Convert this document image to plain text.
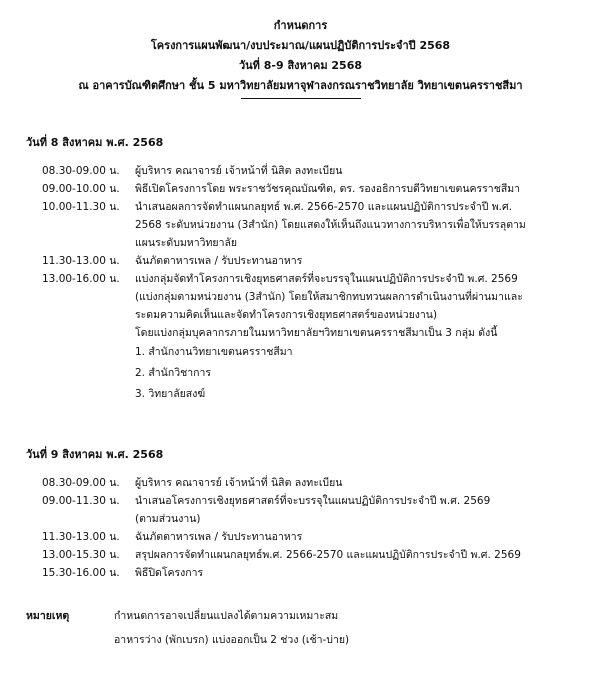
กำหนดการ
โครงการแผนพัฒนา/งบประมาณ/แผนปฏิบัติการประจำปี 2568
วันที่ 8-9 สิงหาคม 2568
ณ อาคารบัณฑิตศึกษา ชั้น 5 มหาวิทยาลัยมหาจุฬาลงกรณราชวิทยาลัย วิทยาเขตนครราชสีมา
วันที่ 8 สิงหาคม พ.ศ. 2568
08.30-09.00 น.	ผู้บริหาร คณาจารย์ เจ้าหน้าที่ นิสิต ลงทะเบียน
09.00-10.00 น.	พิธีเปิดโครงการโดย พระราชวัชรคุณบัณฑิต, ดร. รองอธิการบดีวิทยาเขตนครราชสีมา
10.00-11.30 น.	นำเสนอผลการจัดทำแผนกลยุทธ์ พ.ศ. 2566-2570 และแผนปฏิบัติการประจำปี พ.ศ.
2568 ระดับหน่วยงาน (3สำนัก) โดยแสดงให้เห็นถึงแนวทางการบริหารเพื่อให้บรรลุตาม
แผนระดับมหาวิทยาลัย
11.30-13.00 น.	ฉันภัตตาหารเพล / รับประทานอาหาร
13.00-16.00 น.	แบ่งกลุ่มจัดทำโครงการเชิงยุทธศาสตร์ที่จะบรรจุในแผนปฏิบัติการประจำปี พ.ศ. 2569
(แบ่งกลุ่มตามหน่วยงาน (3สำนัก) โดยให้สมาชิกทบทวนผลการดำเนินงานที่ผ่านมาและ
ระดมความคิดเห็นและจัดทำโครงการเชิงยุทธศาสตร์ของหน่วยงาน)
โดยแบ่งกลุ่มบุคลากรภายในมหาวิทยาลัยฯวิทยาเขตนครราชสีมาเป็น 3 กลุ่ม ดังนี้
1. สำนักงานวิทยาเขตนครราชสีมา
2. สำนักวิชาการ
3. วิทยาลัยสงฆ์
วันที่ 9 สิงหาคม พ.ศ. 2568
08.30-09.00 น.	ผู้บริหาร คณาจารย์ เจ้าหน้าที่ นิสิต ลงทะเบียน
09.00-11.30 น.	นำเสนอโครงการเชิงยุทธศาสตร์ที่จะบรรจุในแผนปฏิบัติการประจำปี พ.ศ. 2569
(ตามส่วนงาน)
11.30-13.00 น.	ฉันภัตตาหารเพล / รับประทานอาหาร
13.00-15.30 น.	สรุปผลการจัดทำแผนกลยุทธ์พ.ศ. 2566-2570 และแผนปฏิบัติการประจำปี พ.ศ. 2569
15.30-16.00 น.	พิธีปิดโครงการ
หมายเหตุ	กำหนดการอาจเปลี่ยนแปลงได้ตามความเหมาะสม
อาหารว่าง (พักเบรก) แบ่งออกเป็น 2 ช่วง (เช้า-บ่าย)
